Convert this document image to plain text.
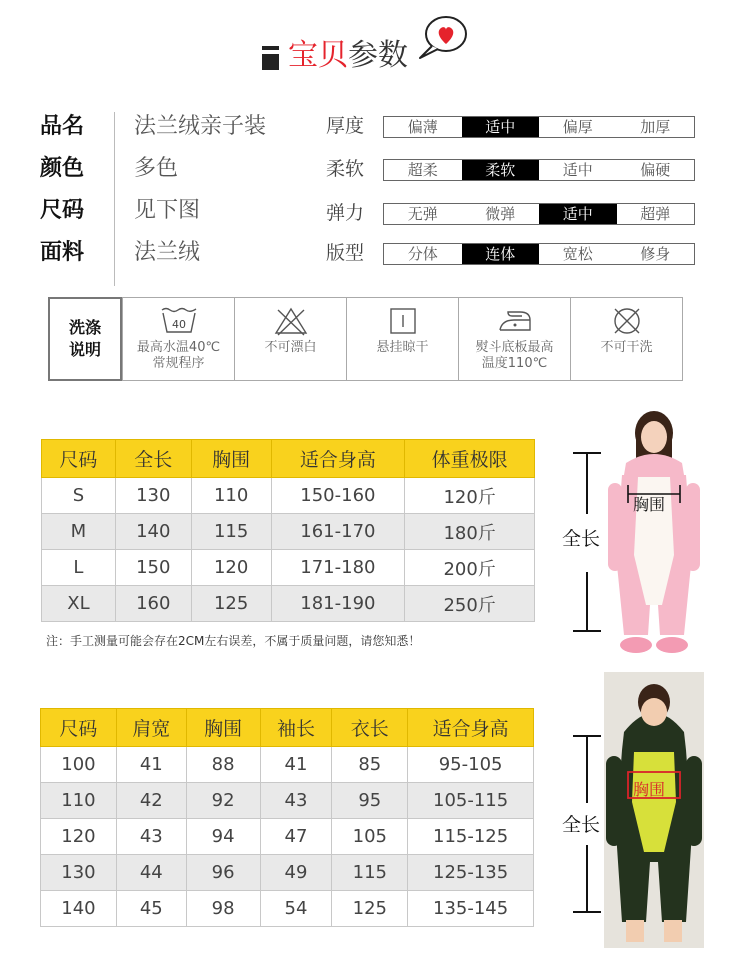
宝贝参数
品名 法兰绒亲子装
颜色 多色
尺码 见下图
面料 法兰绒
厚度	偏薄	适中	偏厚	加厚
柔软	超柔	柔软	适中	偏硬
弹力	无弹	微弹	适中	超弹
版型	分体	连体	宽松	修身
洗涤
说明
40
最高水温40℃
常规程序
不可漂白	悬挂晾干	熨斗底板最高
温度110℃
不可干洗
尺码	全长	胸围	适合身高	体重极限
S	130	110	150-160	120斤
M	140	115	161-170	180斤
L	150	120	171-180	200斤
XL	160	125	181-190	250斤
注：手工测量可能会存在2CM左右误差，不属于质量问题，请您知悉！
尺码	肩宽	胸围	袖长	衣长	适合身高
100	41	88	41	85	95-105
110	42	92	43	95	105-115
120	43	94	47	105	115-125
130	44	96	49	115	125-135
140	45	98	54	125	135-145
全长
胸围
全长
胸围
